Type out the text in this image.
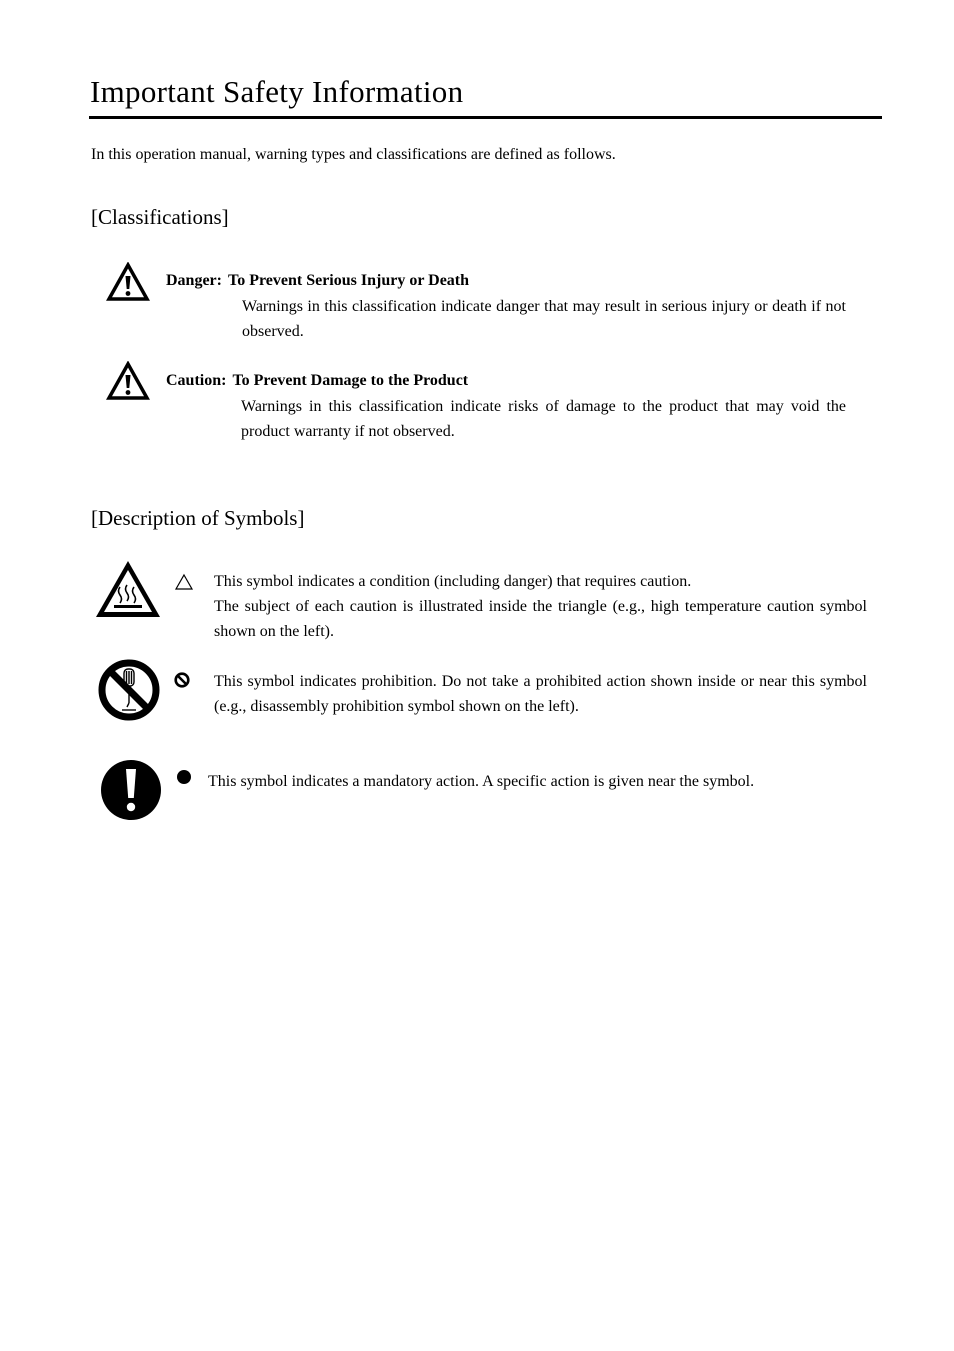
Important Safety Information
In this operation manual, warning types and classifications are defined as follows.
[Classifications]
Danger: To Prevent Serious Injury or Death
Warnings in this classification indicate danger that may result in serious injury or death if not observed.
Caution: To Prevent Damage to the Product
Warnings in this classification indicate risks of damage to the product that may void the product warranty if not observed.
[Description of Symbols]
This symbol indicates a condition (including danger) that requires caution.
The subject of each caution is illustrated inside the triangle (e.g., high temperature caution symbol shown on the left).
This symbol indicates prohibition. Do not take a prohibited action shown inside or near this symbol (e.g., disassembly prohibition symbol shown on the left).
This symbol indicates a mandatory action. A specific action is given near the symbol.
